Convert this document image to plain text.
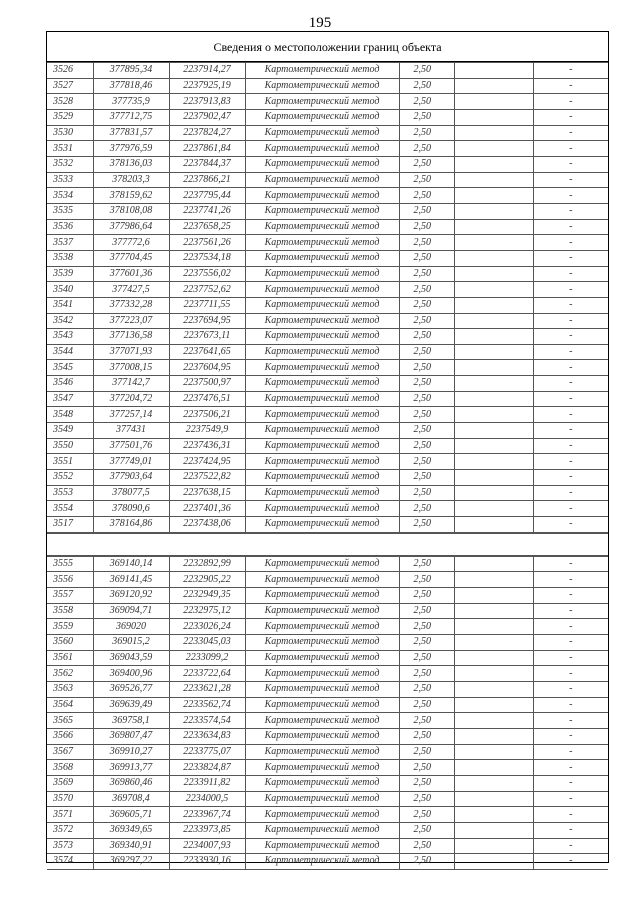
195
Сведения о местоположении границ объекта
3526	377895,34	2237914,27	Картометрический метод	2,50		-
3527	377818,46	2237925,19	Картометрический метод	2,50		-
3528	377735,9	2237913,83	Картометрический метод	2,50		-
3529	377712,75	2237902,47	Картометрический метод	2,50		-
3530	377831,57	2237824,27	Картометрический метод	2,50		-
3531	377976,59	2237861,84	Картометрический метод	2,50		-
3532	378136,03	2237844,37	Картометрический метод	2,50		-
3533	378203,3	2237866,21	Картометрический метод	2,50		-
3534	378159,62	2237795,44	Картометрический метод	2,50		-
3535	378108,08	2237741,26	Картометрический метод	2,50		-
3536	377986,64	2237658,25	Картометрический метод	2,50		-
3537	377772,6	2237561,26	Картометрический метод	2,50		-
3538	377704,45	2237534,18	Картометрический метод	2,50		-
3539	377601,36	2237556,02	Картометрический метод	2,50		-
3540	377427,5	2237752,62	Картометрический метод	2,50		-
3541	377332,28	2237711,55	Картометрический метод	2,50		-
3542	377223,07	2237694,95	Картометрический метод	2,50		-
3543	377136,58	2237673,11	Картометрический метод	2,50		-
3544	377071,93	2237641,65	Картометрический метод	2,50		-
3545	377008,15	2237604,95	Картометрический метод	2,50		-
3546	377142,7	2237500,97	Картометрический метод	2,50		-
3547	377204,72	2237476,51	Картометрический метод	2,50		-
3548	377257,14	2237506,21	Картометрический метод	2,50		-
3549	377431	2237549,9	Картометрический метод	2,50		-
3550	377501,76	2237436,31	Картометрический метод	2,50		-
3551	377749,01	2237424,95	Картометрический метод	2,50		-
3552	377903,64	2237522,82	Картометрический метод	2,50		-
3553	378077,5	2237638,15	Картометрический метод	2,50		-
3554	378090,6	2237401,36	Картометрический метод	2,50		-
3517	378164,86	2237438,06	Картометрический метод	2,50		-
3555	369140,14	2232892,99	Картометрический метод	2,50		-
3556	369141,45	2232905,22	Картометрический метод	2,50		-
3557	369120,92	2232949,35	Картометрический метод	2,50		-
3558	369094,71	2232975,12	Картометрический метод	2,50		-
3559	369020	2233026,24	Картометрический метод	2,50		-
3560	369015,2	2233045,03	Картометрический метод	2,50		-
3561	369043,59	2233099,2	Картометрический метод	2,50		-
3562	369400,96	2233722,64	Картометрический метод	2,50		-
3563	369526,77	2233621,28	Картометрический метод	2,50		-
3564	369639,49	2233562,74	Картометрический метод	2,50		-
3565	369758,1	2233574,54	Картометрический метод	2,50		-
3566	369807,47	2233634,83	Картометрический метод	2,50		-
3567	369910,27	2233775,07	Картометрический метод	2,50		-
3568	369913,77	2233824,87	Картометрический метод	2,50		-
3569	369860,46	2233911,82	Картометрический метод	2,50		-
3570	369708,4	2234000,5	Картометрический метод	2,50		-
3571	369605,71	2233967,74	Картометрический метод	2,50		-
3572	369349,65	2233973,85	Картометрический метод	2,50		-
3573	369340,91	2234007,93	Картометрический метод	2,50		-
3574	369297,22	2233930,16	Картометрический метод	2,50		-
